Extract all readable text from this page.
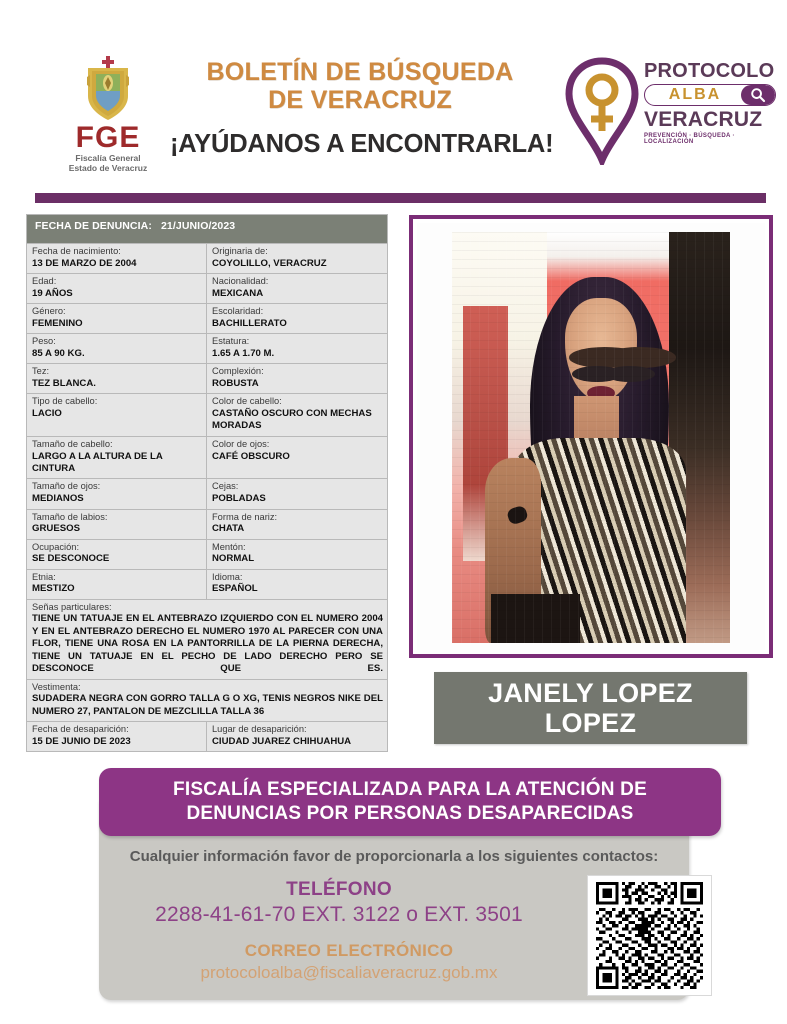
FGE
Fiscalía General
Estado de Veracruz
BOLETÍN DE BÚSQUEDA
DE VERACRUZ
¡AYÚDANOS A ENCONTRARLA!
PROTOCOLO
ALBA
VERACRUZ
PREVENCIÓN · BÚSQUEDA · LOCALIZACIÓN
FECHA DE DENUNCIA: 21/JUNIO/2023
Fecha de nacimiento:
13 DE MARZO DE 2004
Originaria de:
COYOLILLO, VERACRUZ
Edad:
19 AÑOS
Nacionalidad:
MEXICANA
Género:
FEMENINO
Escolaridad:
BACHILLERATO
Peso:
85 A 90 KG.
Estatura:
1.65 A 1.70 M.
Tez:
TEZ BLANCA.
Complexión:
ROBUSTA
Tipo de cabello:
LACIO
Color de cabello:
CASTAÑO OSCURO CON MECHAS MORADAS
Tamaño de cabello:
LARGO A LA ALTURA DE LA CINTURA
Color de ojos:
CAFÉ OBSCURO
Tamaño de ojos:
MEDIANOS
Cejas:
POBLADAS
Tamaño de labios:
GRUESOS
Forma de nariz:
CHATA
Ocupación:
SE DESCONOCE
Mentón:
NORMAL
Etnia:
MESTIZO
Idioma:
ESPAÑOL
Señas particulares:
TIENE UN TATUAJE EN EL ANTEBRAZO IZQUIERDO CON EL NUMERO 2004 Y EN EL ANTEBRAZO DERECHO EL NUMERO 1970 AL PARECER CON UNA FLOR, TIENE UNA ROSA EN LA PANTORRILLA DE LA PIERNA DERECHA, TIENE UN TATUAJE EN EL PECHO DE LADO DERECHO PERO SE DESCONOCE QUE ES.
Vestimenta:
SUDADERA NEGRA CON GORRO TALLA G O XG, TENIS NEGROS NIKE DEL NUMERO 27, PANTALON DE MEZCLILLA TALLA 36
Fecha de desaparición:
15 DE JUNIO DE 2023
Lugar de desaparición:
CIUDAD JUAREZ CHIHUAHUA
JANELY LOPEZ
LOPEZ
FISCALÍA ESPECIALIZADA PARA LA ATENCIÓN DE
DENUNCIAS POR PERSONAS DESAPARECIDAS
Cualquier información favor de proporcionarla a los siguientes contactos:
TELÉFONO
2288-41-61-70 EXT. 3122 o EXT. 3501
CORREO ELECTRÓNICO
protocoloalba@fiscaliaveracruz.gob.mx
